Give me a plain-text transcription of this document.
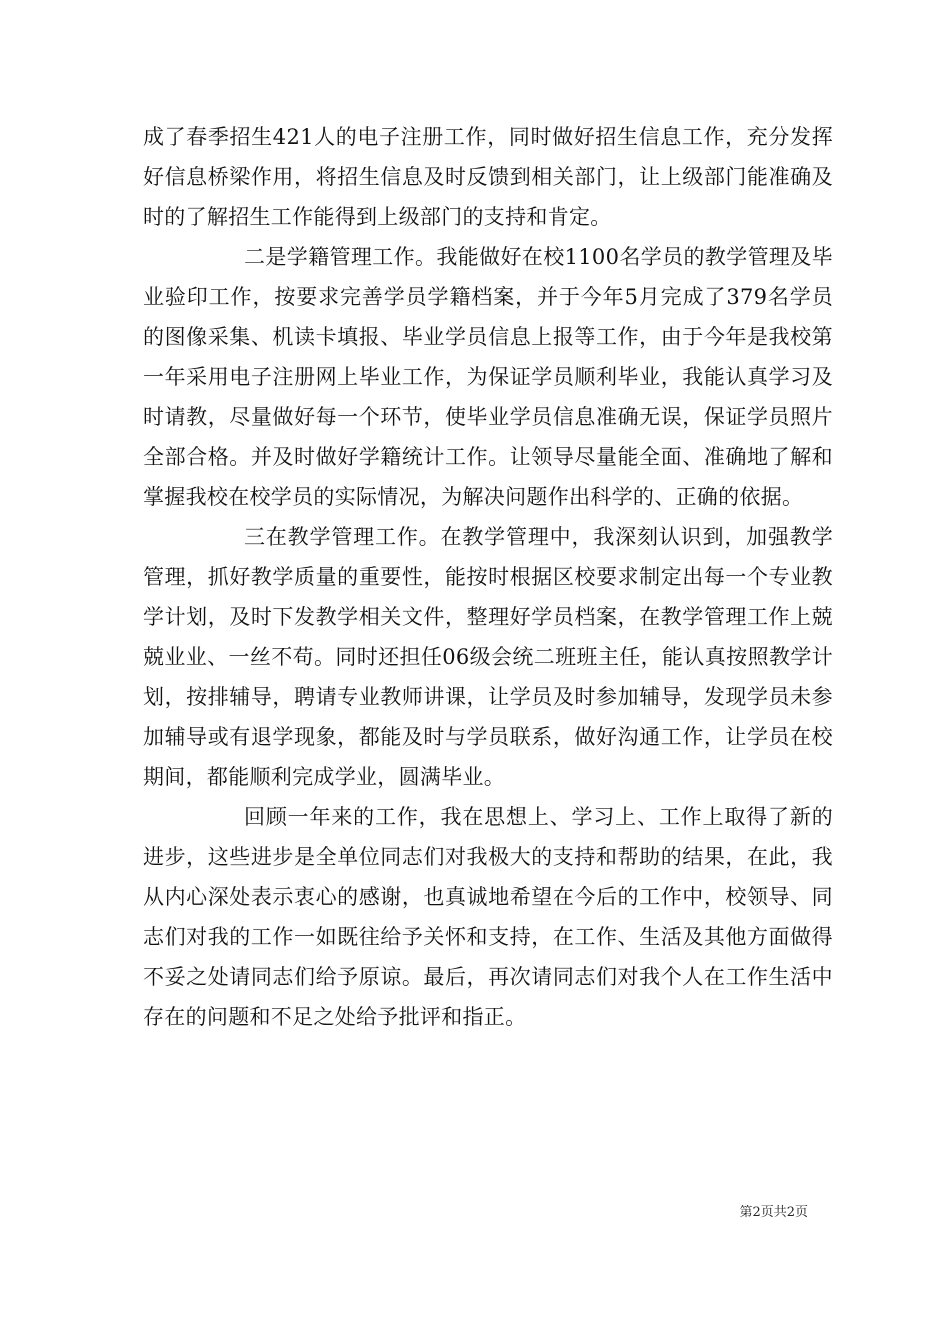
成了春季招生421人的电子注册工作，同时做好招生信息工作，充分发挥好信息桥梁作用，将招生信息及时反馈到相关部门，让上级部门能准确及时的了解招生工作能得到上级部门的支持和肯定。

二是学籍管理工作。我能做好在校1100名学员的教学管理及毕业验印工作，按要求完善学员学籍档案，并于今年5月完成了379名学员的图像采集、机读卡填报、毕业学员信息上报等工作，由于今年是我校第一年采用电子注册网上毕业工作，为保证学员顺利毕业，我能认真学习及时请教，尽量做好每一个环节，使毕业学员信息准确无误，保证学员照片全部合格。并及时做好学籍统计工作。让领导尽量能全面、准确地了解和掌握我校在校学员的实际情况，为解决问题作出科学的、正确的依据。

三在教学管理工作。在教学管理中，我深刻认识到，加强教学管理，抓好教学质量的重要性，能按时根据区校要求制定出每一个专业教学计划，及时下发教学相关文件，整理好学员档案，在教学管理工作上兢兢业业、一丝不苟。同时还担任06级会统二班班主任，能认真按照教学计划，按排辅导，聘请专业教师讲课，让学员及时参加辅导，发现学员未参加辅导或有退学现象，都能及时与学员联系，做好沟通工作，让学员在校期间，都能顺利完成学业，圆满毕业。

回顾一年来的工作，我在思想上、学习上、工作上取得了新的进步，这些进步是全单位同志们对我极大的支持和帮助的结果，在此，我从内心深处表示衷心的感谢，也真诚地希望在今后的工作中，校领导、同志们对我的工作一如既往给予关怀和支持，在工作、生活及其他方面做得不妥之处请同志们给予原谅。最后，再次请同志们对我个人在工作生活中存在的问题和不足之处给予批评和指正。

第2页共2页
